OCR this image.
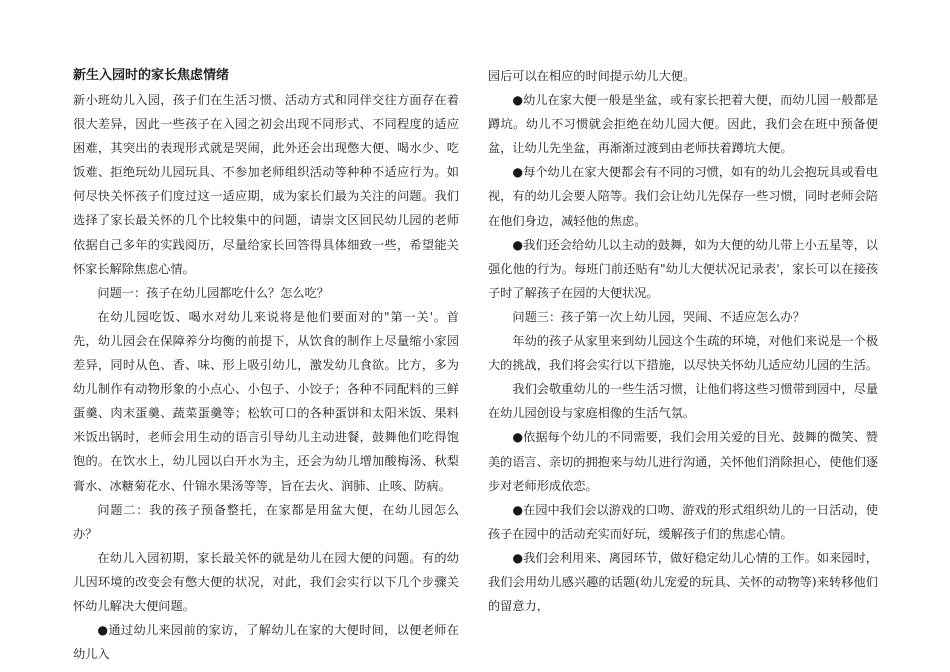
新生入园时的家长焦虑情绪

新小班幼儿入园，孩子们在生活习惯、活动方式和同伴交往方面存在着很大差异，因此一些孩子在入园之初会出现不同形式、不同程度的适应困难，其突出的表现形式就是哭闹，此外还会出现憋大便、喝水少、吃饭难、拒绝玩幼儿园玩具、不参加老师组织活动等种种不适应行为。如何尽快关怀孩子们度过这一适应期，成为家长们最为关注的问题。我们选择了家长最关怀的几个比较集中的问题，请崇文区回民幼儿园的老师依据自己多年的实践阅历，尽量给家长回答得具体细致一些，希望能关怀家长解除焦虑心情。

问题一：孩子在幼儿园都吃什么？怎么吃？

在幼儿园吃饭、喝水对幼儿来说将是他们要面对的"第一关'。首先，幼儿园会在保障养分均衡的前提下，从饮食的制作上尽量缩小家园差异，同时从色、香、味、形上吸引幼儿，激发幼儿食欲。比方，多为幼儿制作有动物形象的小点心、小包子、小饺子；各种不同配料的三鲜蛋羹、肉末蛋羹、蔬菜蛋羹等；松软可口的各种蛋饼和太阳米饭、果料米饭出锅时，老师会用生动的语言引导幼儿主动进餐，鼓舞他们吃得饱饱的。在饮水上，幼儿园以白开水为主，还会为幼儿增加酸梅汤、秋梨膏水、冰糖菊花水、什锦水果汤等等，旨在去火、润肺、止咳、防病。

问题二：我的孩子预备整托，在家都是用盆大便，在幼儿园怎么办？

在幼儿入园初期，家长最关怀的就是幼儿在园大便的问题。有的幼儿因环境的改变会有憋大便的状况，对此，我们会实行以下几个步骤关怀幼儿解决大便问题。

●通过幼儿来园前的家访，了解幼儿在家的大便时间，以便老师在幼儿入

园后可以在相应的时间提示幼儿大便。

●幼儿在家大便一般是坐盆，或有家长把着大便，而幼儿园一般都是蹲坑。幼儿不习惯就会拒绝在幼儿园大便。因此，我们会在班中预备便盆，让幼儿先坐盆，再渐渐过渡到由老师扶着蹲坑大便。

●每个幼儿在家大便都会有不同的习惯，如有的幼儿会抱玩具或看电视，有的幼儿会要人陪等。我们会让幼儿先保存一些习惯，同时老师会陪在他们身边，减轻他的焦虑。

●我们还会给幼儿以主动的鼓舞，如为大便的幼儿带上小五星等，以强化他的行为。每班门前还贴有"幼儿大便状况记录表'，家长可以在接孩子时了解孩子在园的大便状况。

问题三：孩子第一次上幼儿园，哭闹、不适应怎么办？

年幼的孩子从家里来到幼儿园这个生疏的环境，对他们来说是一个极大的挑战，我们将会实行以下措施，以尽快关怀幼儿适应幼儿园的生活。

我们会敬重幼儿的一些生活习惯，让他们将这些习惯带到园中，尽量在幼儿园创设与家庭相像的生活气氛。

●依据每个幼儿的不同需要，我们会用关爱的目光、鼓舞的微笑、赞美的语言、亲切的拥抱来与幼儿进行沟通，关怀他们消除担心，使他们逐步对老师形成依恋。

●在园中我们会以游戏的口吻、游戏的形式组织幼儿的一日活动，使孩子在园中的活动充实而好玩，缓解孩子们的焦虑心情。

●我们会利用来、离园环节，做好稳定幼儿心情的工作。如来园时，我们会用幼儿感兴趣的话题(幼儿宠爱的玩具、关怀的动物等)来转移他们的留意力，
